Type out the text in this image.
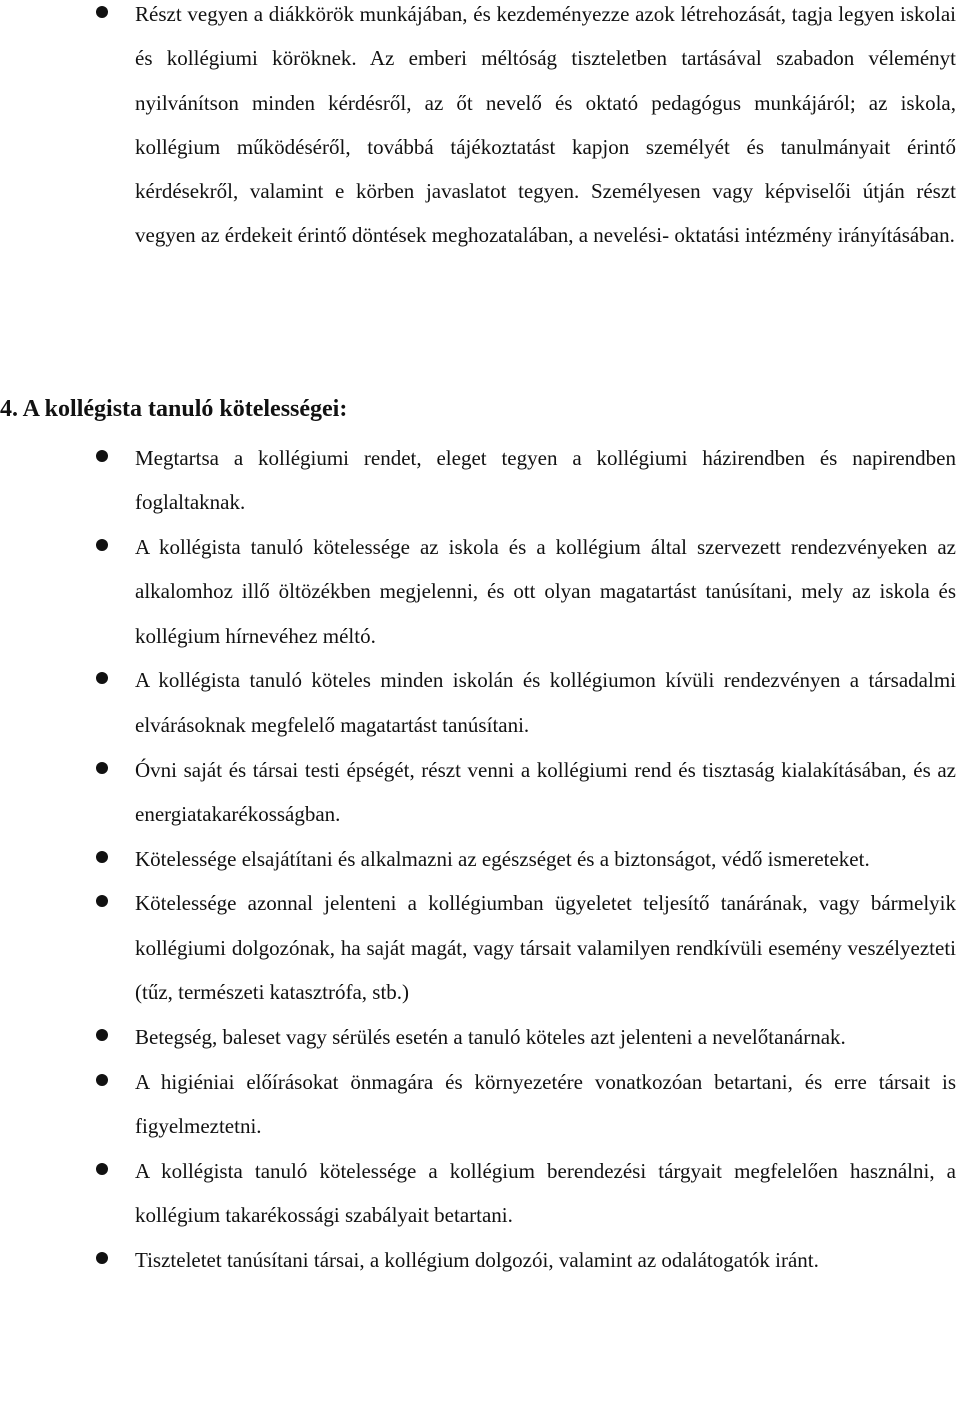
Részt vegyen a diákkörök munkájában, és kezdeményezze azok létrehozását, tagja legyen iskolai és kollégiumi köröknek. Az emberi méltóság tiszteletben tartásával szabadon véleményt nyilvánítson minden kérdésről, az őt nevelő és oktató pedagógus munkájáról; az iskola, kollégium működéséről, továbbá tájékoztatást kapjon személyét és tanulmányait érintő kérdésekről, valamint e körben javaslatot tegyen. Személyesen vagy képviselői útján részt vegyen az érdekeit érintő döntések meghozatalában, a nevelési- oktatási intézmény irányításában.
4. A kollégista tanuló kötelességei:
Megtartsa a kollégiumi rendet, eleget tegyen a kollégiumi házirendben és napirendben foglaltaknak.
A kollégista tanuló kötelessége az iskola és a kollégium által szervezett rendezvényeken az alkalomhoz illő öltözékben megjelenni, és ott olyan magatartást tanúsítani, mely az iskola és kollégium hírnevéhez méltó.
A kollégista tanuló köteles minden iskolán és kollégiumon kívüli rendezvényen a társadalmi elvárásoknak megfelelő magatartást tanúsítani.
Óvni saját és társai testi épségét, részt venni a kollégiumi rend és tisztaság kialakításában, és az energiatakarékosságban.
Kötelessége elsajátítani és alkalmazni az egészséget és a biztonságot, védő ismereteket.
Kötelessége azonnal jelenteni a kollégiumban ügyeletet teljesítő tanárának, vagy bármelyik kollégiumi dolgozónak, ha saját magát, vagy társait valamilyen rendkívüli esemény veszélyezteti (tűz, természeti katasztrófa, stb.)
Betegség, baleset vagy sérülés esetén a tanuló köteles azt jelenteni a nevelőtanárnak.
A higiéniai előírásokat önmagára és környezetére vonatkozóan betartani, és erre társait is figyelmeztetni.
A kollégista tanuló kötelessége a kollégium berendezési tárgyait megfelelően használni, a kollégium takarékossági szabályait betartani.
Tiszteletet tanúsítani társai, a kollégium dolgozói, valamint az odalátogatók iránt.
